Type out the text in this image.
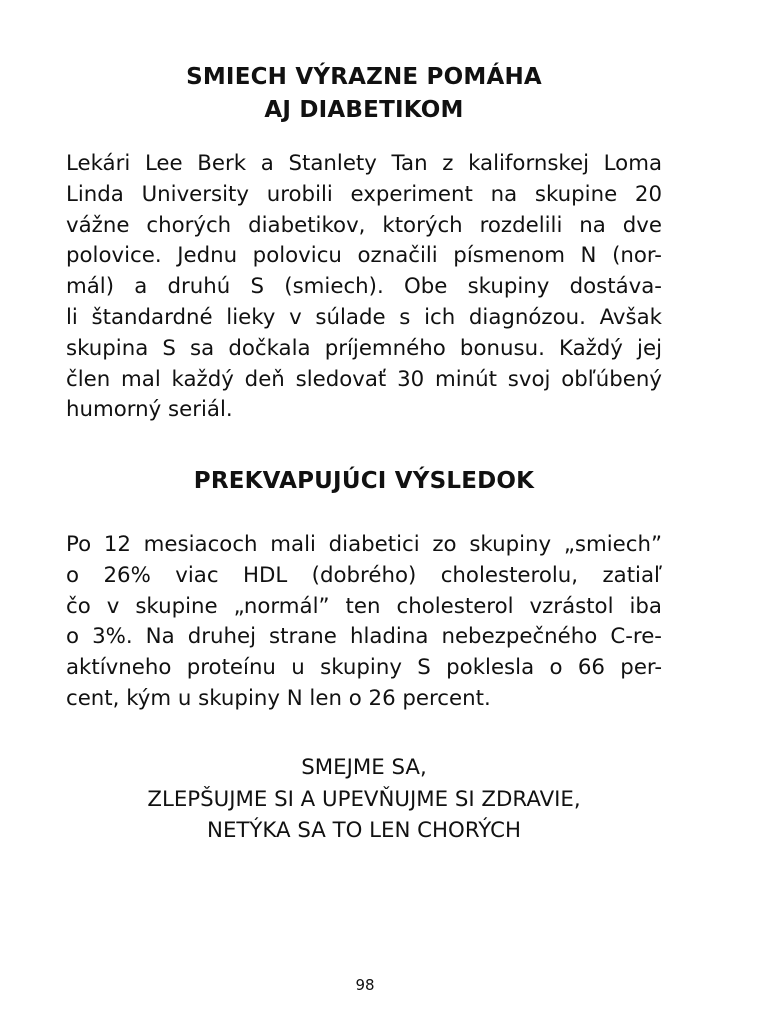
SMIECH VÝRAZNE POMÁHA
AJ DIABETIKOM
Lekári Lee Berk a Stanlety Tan z kalifornskej Loma
Linda University urobili experiment na skupine 20
vážne chorých diabetikov, ktorých rozdelili na dve
polovice. Jednu polovicu označili písmenom N (nor-
mál) a druhú S (smiech). Obe skupiny dostáva-
li štandardné lieky v súlade s ich diagnózou. Avšak
skupina S sa dočkala príjemného bonusu. Každý jej
člen mal každý deň sledovať 30 minút svoj obľúbený
humorný seriál.
PREKVAPUJÚCI VÝSLEDOK
Po 12 mesiacoch mali diabetici zo skupiny „smiech”
o 26% viac HDL (dobrého) cholesterolu, zatiaľ
čo v skupine „normál” ten cholesterol vzrástol iba
o 3%. Na druhej strane hladina nebezpečného C-re-
aktívneho proteínu u skupiny S poklesla o 66 per-
cent, kým u skupiny N len o 26 percent.
SMEJME SA,
ZLEPŠUJME SI A UPEVŇUJME SI ZDRAVIE,
NETÝKA SA TO LEN CHORÝCH
98
